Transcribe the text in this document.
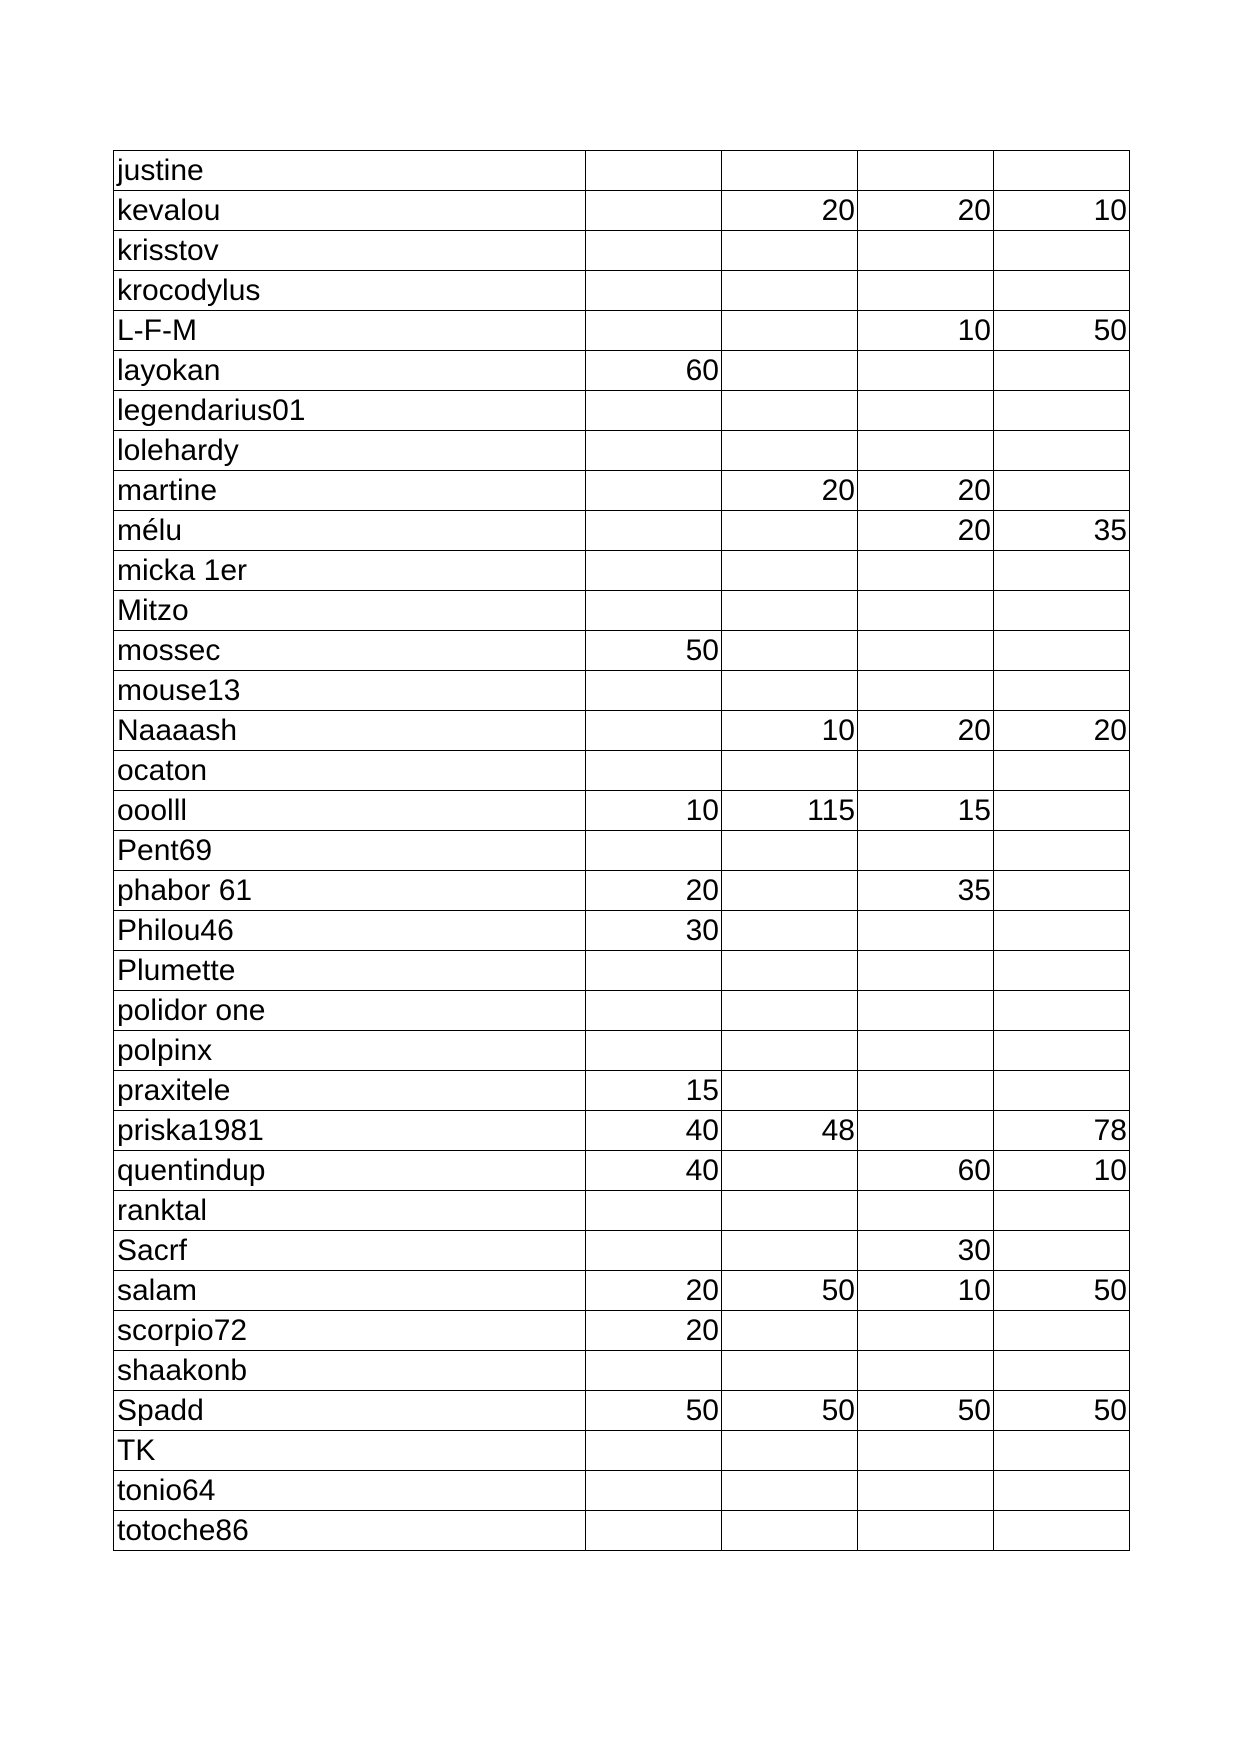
justine				
kevalou		20	20	10
krisstov				
krocodylus				
L-F-M			10	50
layokan	60			
legendarius01				
lolehardy				
martine		20	20	
mélu			20	35
micka 1er				
Mitzo				
mossec	50			
mouse13				
Naaaash		10	20	20
ocaton				
ooolll	10	115	15	
Pent69				
phabor 61	20		35	
Philou46	30			
Plumette				
polidor one				
polpinx				
praxitele	15			
priska1981	40	48		78
quentindup	40		60	10
ranktal				
Sacrf			30	
salam	20	50	10	50
scorpio72	20			
shaakonb				
Spadd	50	50	50	50
TK				
tonio64				
totoche86				
